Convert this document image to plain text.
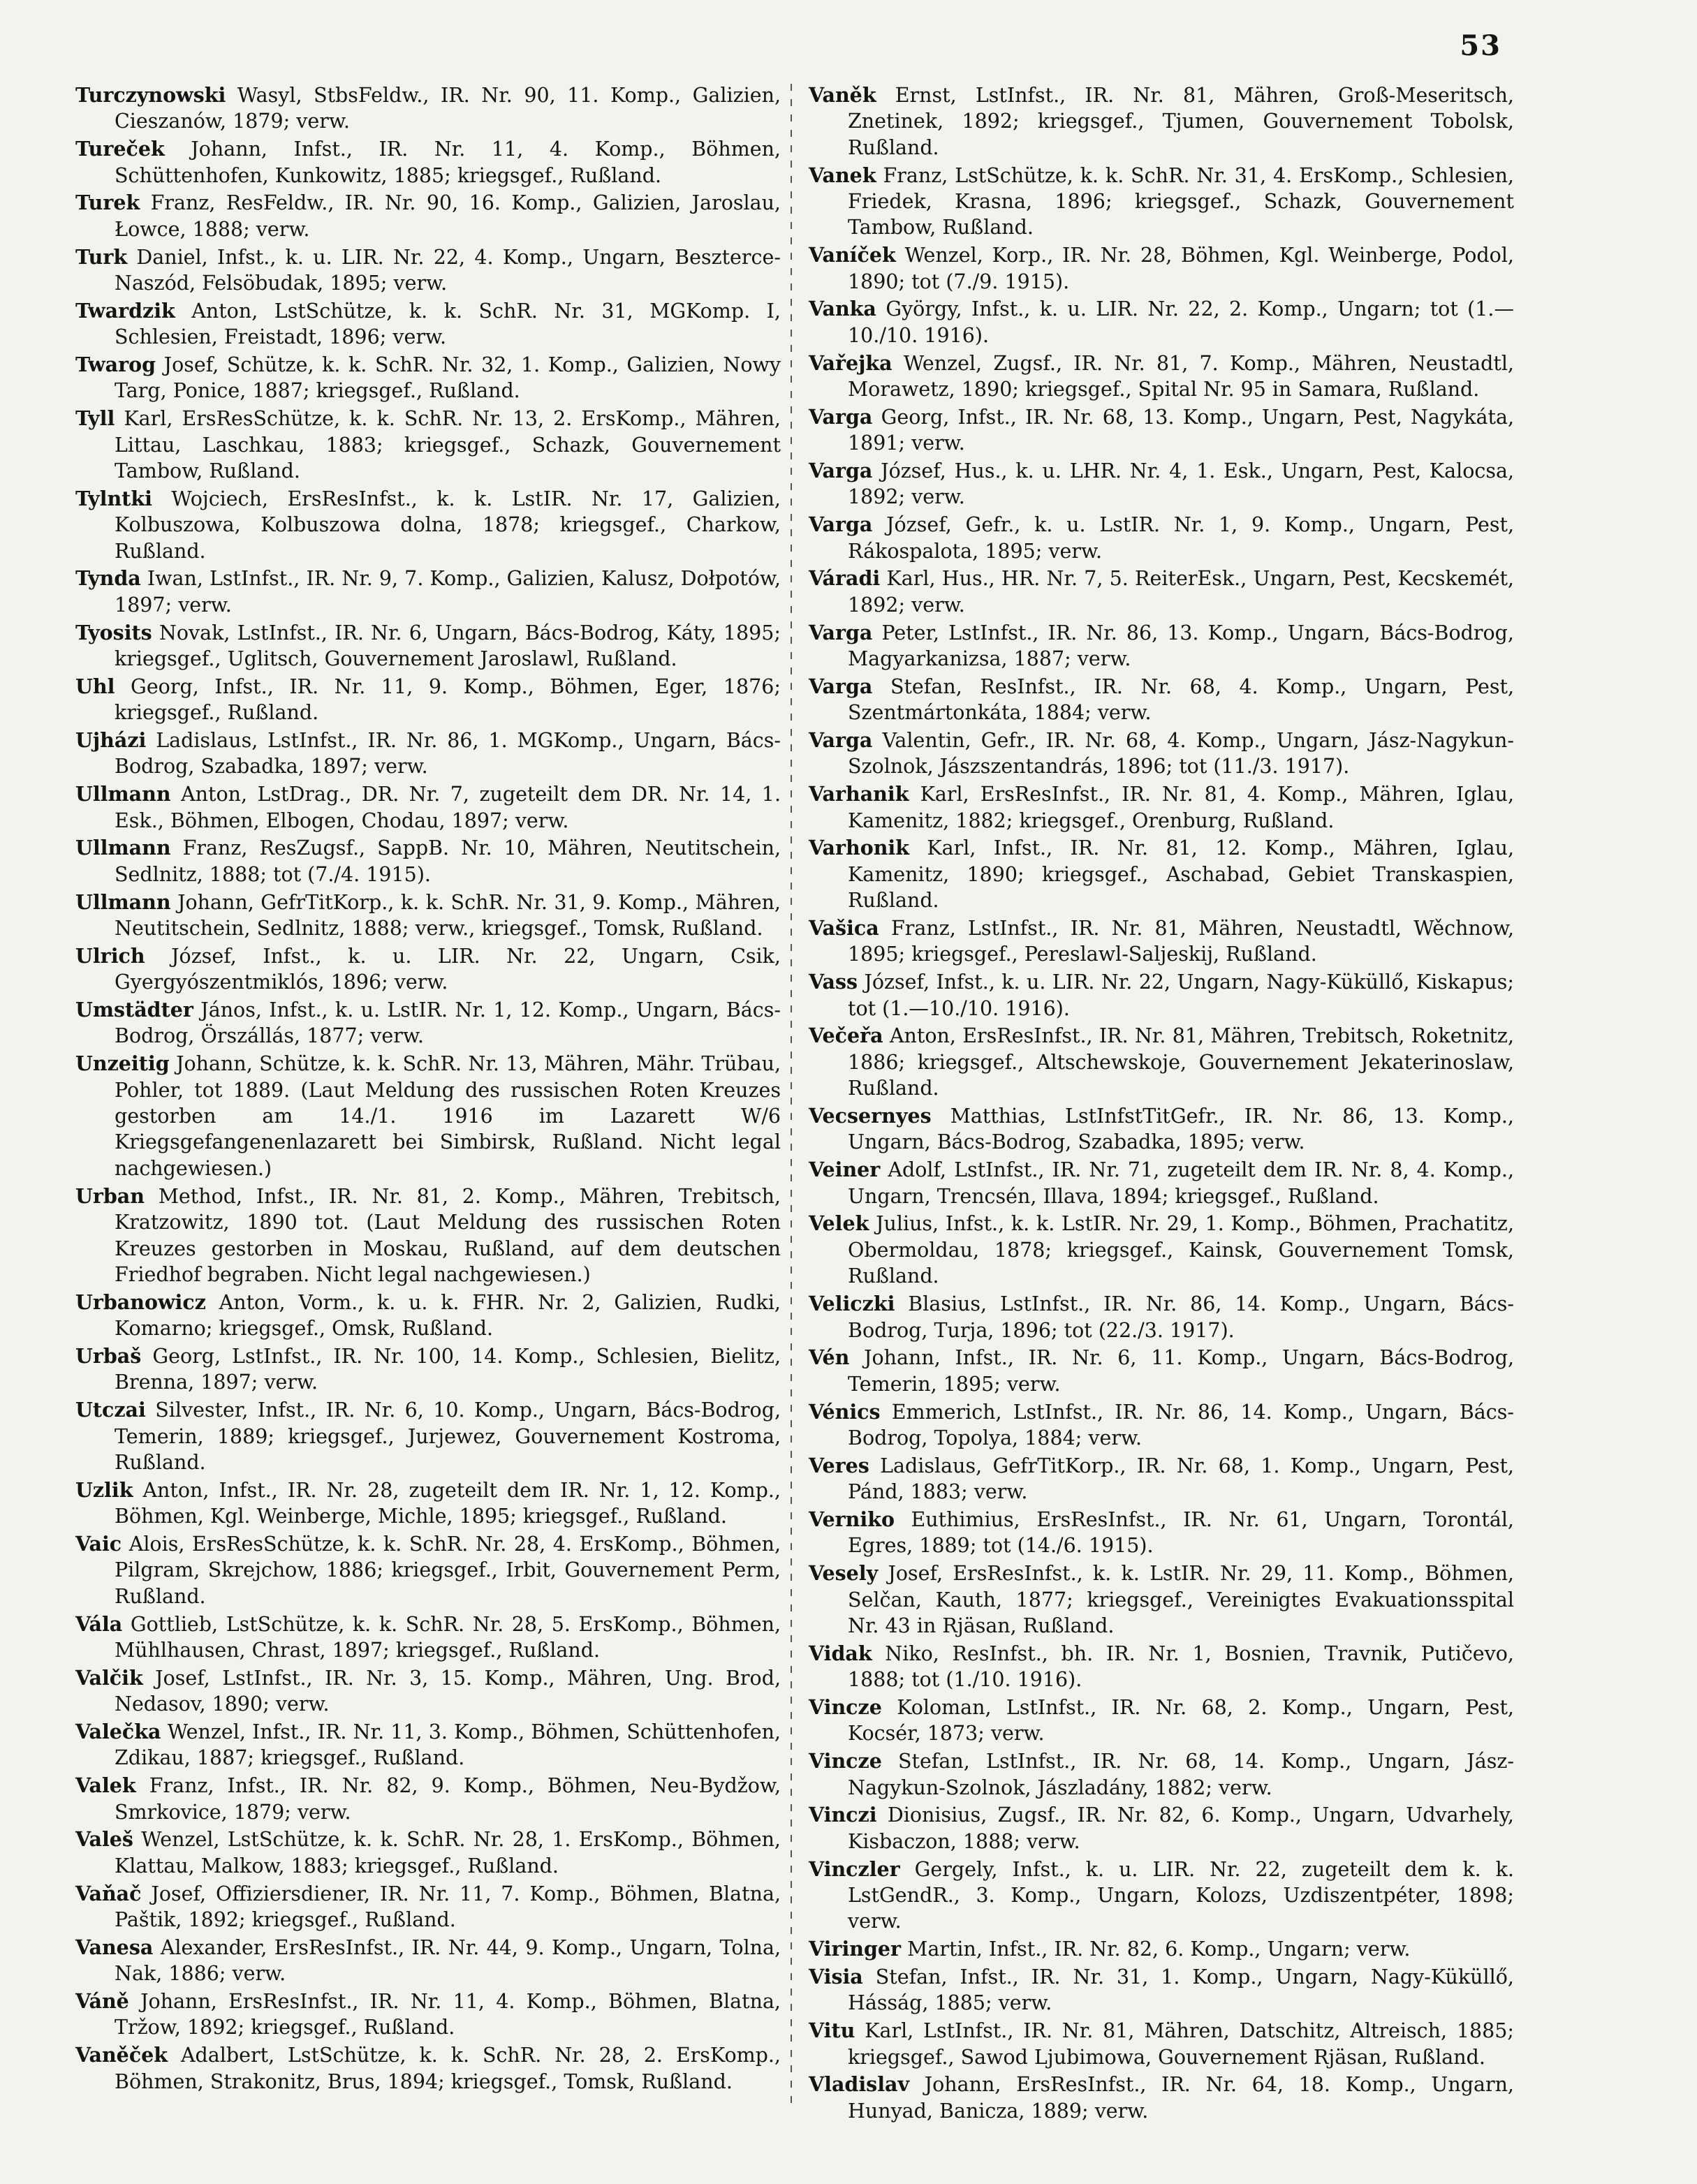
53
Turczynowski Wasyl, StbsFeldw., IR. Nr. 90, 11. Komp., Galizien, Cieszanów, 1879; verw.
Tureček Johann, Infst., IR. Nr. 11, 4. Komp., Böhmen, Schüttenhofen, Kunkowitz, 1885; kriegsgef., Rußland.
Turek Franz, ResFeldw., IR. Nr. 90, 16. Komp., Galizien, Jaroslau, Łowce, 1888; verw.
Turk Daniel, Infst., k. u. LIR. Nr. 22, 4. Komp., Ungarn, Beszterce-Naszód, Felsöbudak, 1895; verw.
Twardzik Anton, LstSchütze, k. k. SchR. Nr. 31, MGKomp. I, Schlesien, Freistadt, 1896; verw.
Twarog Josef, Schütze, k. k. SchR. Nr. 32, 1. Komp., Galizien, Nowy Targ, Ponice, 1887; kriegsgef., Rußland.
Tyll Karl, ErsResSchütze, k. k. SchR. Nr. 13, 2. ErsKomp., Mähren, Littau, Laschkau, 1883; kriegsgef., Schazk, Gouvernement Tambow, Rußland.
Tylntki Wojciech, ErsResInfst., k. k. LstIR. Nr. 17, Galizien, Kolbuszowa, Kolbuszowa dolna, 1878; kriegsgef., Charkow, Rußland.
Tynda Iwan, LstInfst., IR. Nr. 9, 7. Komp., Galizien, Kalusz, Dołpotów, 1897; verw.
Tyosits Novak, LstInfst., IR. Nr. 6, Ungarn, Bács-Bodrog, Káty, 1895; kriegsgef., Uglitsch, Gouvernement Jaroslawl, Rußland.
Uhl Georg, Infst., IR. Nr. 11, 9. Komp., Böhmen, Eger, 1876; kriegsgef., Rußland.
Ujházi Ladislaus, LstInfst., IR. Nr. 86, 1. MGKomp., Ungarn, Bács-Bodrog, Szabadka, 1897; verw.
Ullmann Anton, LstDrag., DR. Nr. 7, zugeteilt dem DR. Nr. 14, 1. Esk., Böhmen, Elbogen, Chodau, 1897; verw.
Ullmann Franz, ResZugsf., SappB. Nr. 10, Mähren, Neutitschein, Sedlnitz, 1888; tot (7./4. 1915).
Ullmann Johann, GefrTitKorp., k. k. SchR. Nr. 31, 9. Komp., Mähren, Neutitschein, Sedlnitz, 1888; verw., kriegsgef., Tomsk, Rußland.
Ulrich József, Infst., k. u. LIR. Nr. 22, Ungarn, Csik, Gyergyószentmiklós, 1896; verw.
Umstädter János, Infst., k. u. LstIR. Nr. 1, 12. Komp., Ungarn, Bács-Bodrog, Örszállás, 1877; verw.
Unzeitig Johann, Schütze, k. k. SchR. Nr. 13, Mähren, Mähr. Trübau, Pohler, tot 1889. (Laut Meldung des russischen Roten Kreuzes gestorben am 14./1. 1916 im Lazarett W/6 Kriegsgefangenenlazarett bei Simbirsk, Rußland. Nicht legal nachgewiesen.)
Urban Method, Infst., IR. Nr. 81, 2. Komp., Mähren, Trebitsch, Kratzowitz, 1890 tot. (Laut Meldung des russischen Roten Kreuzes gestorben in Moskau, Rußland, auf dem deutschen Friedhof begraben. Nicht legal nachgewiesen.)
Urbanowicz Anton, Vorm., k. u. k. FHR. Nr. 2, Galizien, Rudki, Komarno; kriegsgef., Omsk, Rußland.
Urbaš Georg, LstInfst., IR. Nr. 100, 14. Komp., Schlesien, Bielitz, Brenna, 1897; verw.
Utczai Silvester, Infst., IR. Nr. 6, 10. Komp., Ungarn, Bács-Bodrog, Temerin, 1889; kriegsgef., Jurjewez, Gouvernement Kostroma, Rußland.
Uzlik Anton, Infst., IR. Nr. 28, zugeteilt dem IR. Nr. 1, 12. Komp., Böhmen, Kgl. Weinberge, Michle, 1895; kriegsgef., Rußland.
Vaic Alois, ErsResSchütze, k. k. SchR. Nr. 28, 4. ErsKomp., Böhmen, Pilgram, Skrejchow, 1886; kriegsgef., Irbit, Gouvernement Perm, Rußland.
Vála Gottlieb, LstSchütze, k. k. SchR. Nr. 28, 5. ErsKomp., Böhmen, Mühlhausen, Chrast, 1897; kriegsgef., Rußland.
Valčik Josef, LstInfst., IR. Nr. 3, 15. Komp., Mähren, Ung. Brod, Nedasov, 1890; verw.
Valečka Wenzel, Infst., IR. Nr. 11, 3. Komp., Böhmen, Schüttenhofen, Zdikau, 1887; kriegsgef., Rußland.
Valek Franz, Infst., IR. Nr. 82, 9. Komp., Böhmen, Neu-Bydžow, Smrkovice, 1879; verw.
Valeš Wenzel, LstSchütze, k. k. SchR. Nr. 28, 1. ErsKomp., Böhmen, Klattau, Malkow, 1883; kriegsgef., Rußland.
Vaňač Josef, Offiziersdiener, IR. Nr. 11, 7. Komp., Böhmen, Blatna, Paštik, 1892; kriegsgef., Rußland.
Vanesa Alexander, ErsResInfst., IR. Nr. 44, 9. Komp., Ungarn, Tolna, Nak, 1886; verw.
Váně Johann, ErsResInfst., IR. Nr. 11, 4. Komp., Böhmen, Blatna, Tržow, 1892; kriegsgef., Rußland.
Vaněček Adalbert, LstSchütze, k. k. SchR. Nr. 28, 2. ErsKomp., Böhmen, Strakonitz, Brus, 1894; kriegsgef., Tomsk, Rußland.
Vaněk Ernst, LstInfst., IR. Nr. 81, Mähren, Groß-Meseritsch, Znetinek, 1892; kriegsgef., Tjumen, Gouvernement Tobolsk, Rußland.
Vanek Franz, LstSchütze, k. k. SchR. Nr. 31, 4. ErsKomp., Schlesien, Friedek, Krasna, 1896; kriegsgef., Schazk, Gouvernement Tambow, Rußland.
Vaníček Wenzel, Korp., IR. Nr. 28, Böhmen, Kgl. Weinberge, Podol, 1890; tot (7./9. 1915).
Vanka György, Infst., k. u. LIR. Nr. 22, 2. Komp., Ungarn; tot (1.—10./10. 1916).
Vařejka Wenzel, Zugsf., IR. Nr. 81, 7. Komp., Mähren, Neustadtl, Morawetz, 1890; kriegsgef., Spital Nr. 95 in Samara, Rußland.
Varga Georg, Infst., IR. Nr. 68, 13. Komp., Ungarn, Pest, Nagykáta, 1891; verw.
Varga József, Hus., k. u. LHR. Nr. 4, 1. Esk., Ungarn, Pest, Kalocsa, 1892; verw.
Varga József, Gefr., k. u. LstIR. Nr. 1, 9. Komp., Ungarn, Pest, Rákospalota, 1895; verw.
Váradi Karl, Hus., HR. Nr. 7, 5. ReiterEsk., Ungarn, Pest, Kecskemét, 1892; verw.
Varga Peter, LstInfst., IR. Nr. 86, 13. Komp., Ungarn, Bács-Bodrog, Magyarkanizsa, 1887; verw.
Varga Stefan, ResInfst., IR. Nr. 68, 4. Komp., Ungarn, Pest, Szentmártonkáta, 1884; verw.
Varga Valentin, Gefr., IR. Nr. 68, 4. Komp., Ungarn, Jász-Nagykun-Szolnok, Jászszentandrás, 1896; tot (11./3. 1917).
Varhanik Karl, ErsResInfst., IR. Nr. 81, 4. Komp., Mähren, Iglau, Kamenitz, 1882; kriegsgef., Orenburg, Rußland.
Varhonik Karl, Infst., IR. Nr. 81, 12. Komp., Mähren, Iglau, Kamenitz, 1890; kriegsgef., Aschabad, Gebiet Transkaspien, Rußland.
Vašica Franz, LstInfst., IR. Nr. 81, Mähren, Neustadtl, Wěchnow, 1895; kriegsgef., Pereslawl-Saljeskij, Rußland.
Vass József, Infst., k. u. LIR. Nr. 22, Ungarn, Nagy-Küküllő, Kiskapus; tot (1.—10./10. 1916).
Večeřa Anton, ErsResInfst., IR. Nr. 81, Mähren, Trebitsch, Roketnitz, 1886; kriegsgef., Altschewskoje, Gouvernement Jekaterinoslaw, Rußland.
Vecsernyes Matthias, LstInfstTitGefr., IR. Nr. 86, 13. Komp., Ungarn, Bács-Bodrog, Szabadka, 1895; verw.
Veiner Adolf, LstInfst., IR. Nr. 71, zugeteilt dem IR. Nr. 8, 4. Komp., Ungarn, Trencsén, Illava, 1894; kriegsgef., Rußland.
Velek Julius, Infst., k. k. LstIR. Nr. 29, 1. Komp., Böhmen, Prachatitz, Obermoldau, 1878; kriegsgef., Kainsk, Gouvernement Tomsk, Rußland.
Veliczki Blasius, LstInfst., IR. Nr. 86, 14. Komp., Ungarn, Bács-Bodrog, Turja, 1896; tot (22./3. 1917).
Vén Johann, Infst., IR. Nr. 6, 11. Komp., Ungarn, Bács-Bodrog, Temerin, 1895; verw.
Vénics Emmerich, LstInfst., IR. Nr. 86, 14. Komp., Ungarn, Bács-Bodrog, Topolya, 1884; verw.
Veres Ladislaus, GefrTitKorp., IR. Nr. 68, 1. Komp., Ungarn, Pest, Pánd, 1883; verw.
Verniko Euthimius, ErsResInfst., IR. Nr. 61, Ungarn, Torontál, Egres, 1889; tot (14./6. 1915).
Vesely Josef, ErsResInfst., k. k. LstIR. Nr. 29, 11. Komp., Böhmen, Selčan, Kauth, 1877; kriegsgef., Vereinigtes Evakuationsspital Nr. 43 in Rjäsan, Rußland.
Vidak Niko, ResInfst., bh. IR. Nr. 1, Bosnien, Travnik, Putičevo, 1888; tot (1./10. 1916).
Vincze Koloman, LstInfst., IR. Nr. 68, 2. Komp., Ungarn, Pest, Kocsér, 1873; verw.
Vincze Stefan, LstInfst., IR. Nr. 68, 14. Komp., Ungarn, Jász-Nagykun-Szolnok, Jászladány, 1882; verw.
Vinczi Dionisius, Zugsf., IR. Nr. 82, 6. Komp., Ungarn, Udvarhely, Kisbaczon, 1888; verw.
Vinczler Gergely, Infst., k. u. LIR. Nr. 22, zugeteilt dem k. k. LstGendR., 3. Komp., Ungarn, Kolozs, Uzdiszentpéter, 1898; verw.
Viringer Martin, Infst., IR. Nr. 82, 6. Komp., Ungarn; verw.
Visia Stefan, Infst., IR. Nr. 31, 1. Komp., Ungarn, Nagy-Küküllő, Hásság, 1885; verw.
Vitu Karl, LstInfst., IR. Nr. 81, Mähren, Datschitz, Altreisch, 1885; kriegsgef., Sawod Ljubimowa, Gouvernement Rjäsan, Rußland.
Vladislav Johann, ErsResInfst., IR. Nr. 64, 18. Komp., Ungarn, Hunyad, Banicza, 1889; verw.
